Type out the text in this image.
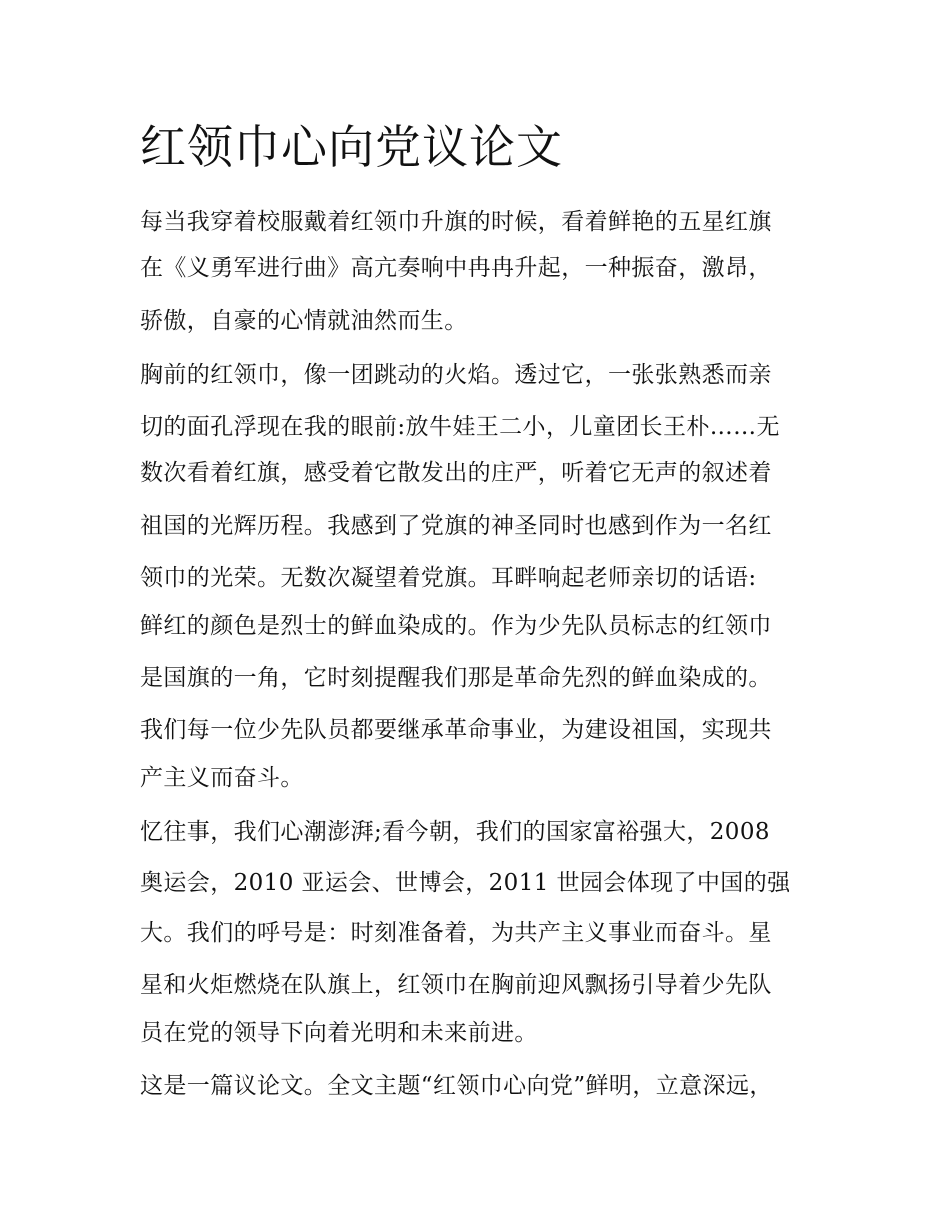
红领巾心向党议论文
每当我穿着校服戴着红领巾升旗的时候，看着鲜艳的五星红旗
在《义勇军进行曲》高亢奏响中冉冉升起，一种振奋，激昂，
骄傲，自豪的心情就油然而生。
胸前的红领巾，像一团跳动的火焰。透过它，一张张熟悉而亲
切的面孔浮现在我的眼前:放牛娃王二小，儿童团长王朴……无
数次看着红旗，感受着它散发出的庄严，听着它无声的叙述着
祖国的光辉历程。我感到了党旗的神圣同时也感到作为一名红
领巾的光荣。无数次凝望着党旗。耳畔响起老师亲切的话语:
鲜红的颜色是烈士的鲜血染成的。作为少先队员标志的红领巾
是国旗的一角，它时刻提醒我们那是革命先烈的鲜血染成的。
我们每一位少先队员都要继承革命事业，为建设祖国，实现共
产主义而奋斗。
忆往事，我们心潮澎湃;看今朝，我们的国家富裕强大，2008
奥运会，2010 亚运会、世博会，2011 世园会体现了中国的强
大。我们的呼号是：时刻准备着，为共产主义事业而奋斗。星
星和火炬燃烧在队旗上，红领巾在胸前迎风飘扬引导着少先队
员在党的领导下向着光明和未来前进。
这是一篇议论文。全文主题“红领巾心向党”鲜明，立意深远，
